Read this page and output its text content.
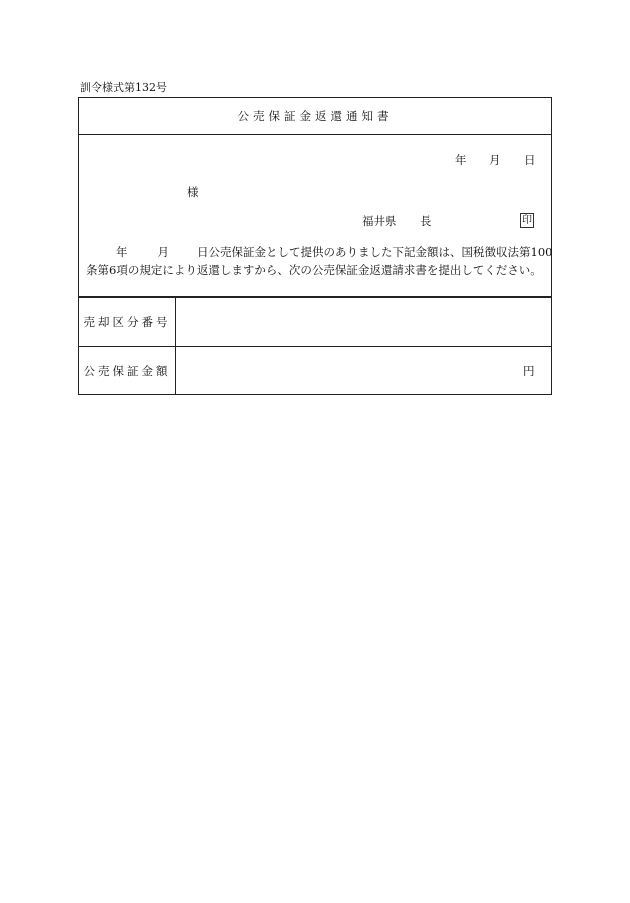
訓令様式第132号
公売保証金返還通知書
年 月 日
様
福井県 長	印
年	月 日公売保証金として提供のありました下記金額は、国税徴収法第100
条第6項の規定により返還しますから、次の公売保証金返還請求書を提出してください。
売却区分番号
公売保証金額	円
